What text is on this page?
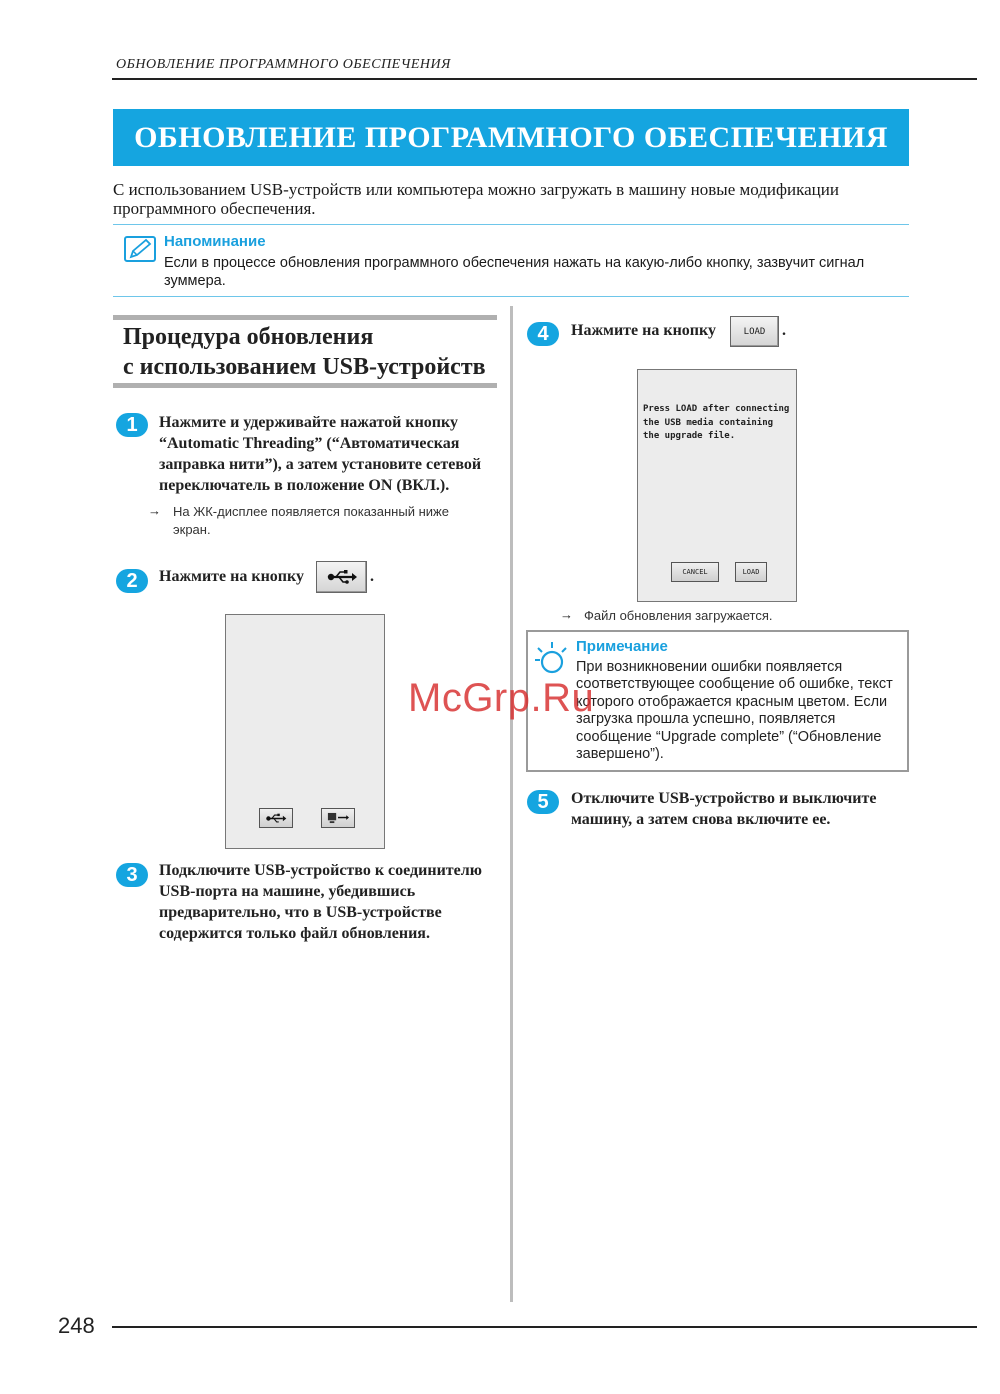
ОБНОВЛЕНИЕ ПРОГРАММНОГО ОБЕСПЕЧЕНИЯ
ОБНОВЛЕНИЕ ПРОГРАММНОГО ОБЕСПЕЧЕНИЯ
С использованием USB-устройств или компьютера можно загружать в машину новые модификации программного обеспечения.
Напоминание
Если в процессе обновления программного обеспечения нажать на какую-либо кнопку, зазвучит сигнал зуммера.
Процедура обновления
с использованием USB-устройств
1	Нажмите и удерживайте нажатой кнопку “Automatic Threading” (“Автоматическая заправка нити”), а затем установите сетевой переключатель в положение ON (ВКЛ.).
→ На ЖК-дисплее появляется показанный ниже экран.
2	Нажмите на кнопку	.
3	Подключите USB-устройство к соединителю USB-порта на машине, убедившись предварительно, что в USB-устройстве содержится только файл обновления.
4	Нажмите на кнопку	LOAD	.
Press LOAD after connecting
the USB media containing
the upgrade file.
CANCEL	LOAD
→ Файл обновления загружается.
Примечание
При возникновении ошибки появляется соответствующее сообщение об ошибке, текст которого отображается красным цветом. Если загрузка прошла успешно, появляется сообщение “Upgrade complete” (“Обновление завершено”).
5	Отключите USB-устройство и выключите машину, а затем снова включите ее.
McGrp.Ru
248
